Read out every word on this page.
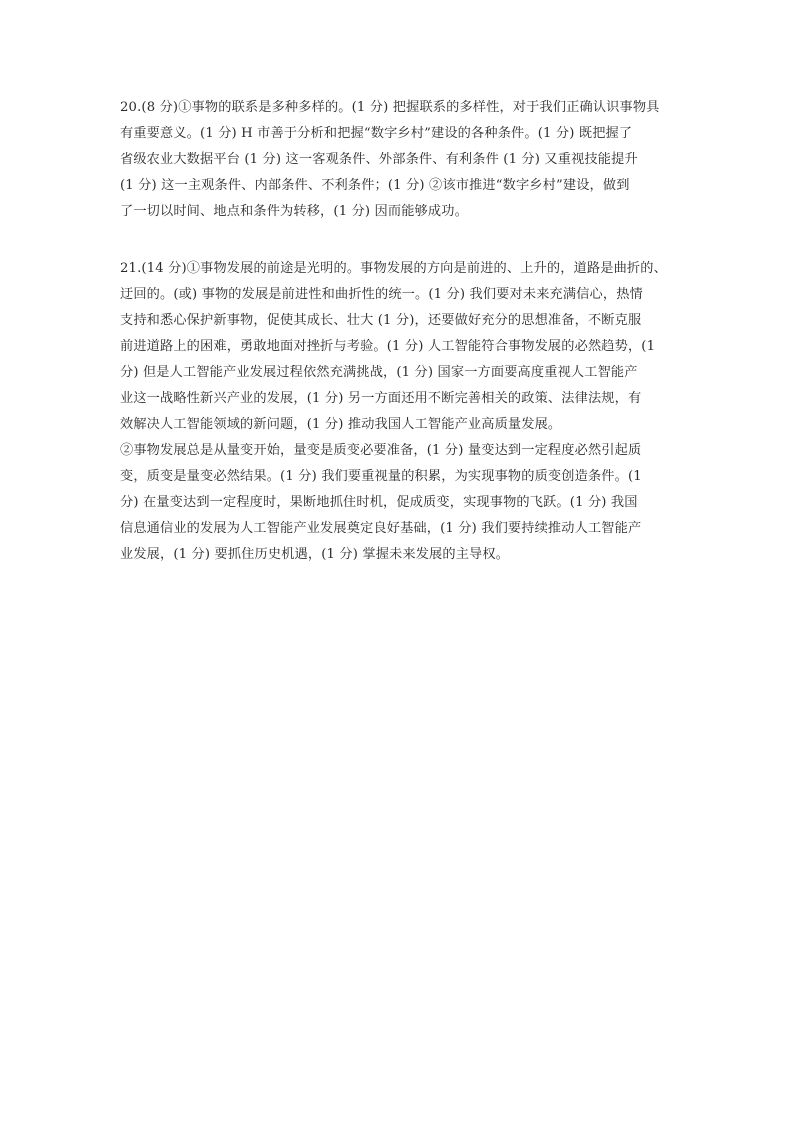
20.(8 分)①事物的联系是多种多样的。(1 分) 把握联系的多样性，对于我们正确认识事物具
有重要意义。(1 分) H 市善于分析和把握“数字乡村”建设的各种条件。(1 分) 既把握了
省级农业大数据平台 (1 分) 这一客观条件、外部条件、有利条件 (1 分) 又重视技能提升
(1 分) 这一主观条件、内部条件、不利条件；(1 分) ②该市推进“数字乡村”建设，做到
了一切以时间、地点和条件为转移，(1 分) 因而能够成功。
21.(14 分)①事物发展的前途是光明的。事物发展的方向是前进的、上升的，道路是曲折的、
迂回的。(或) 事物的发展是前进性和曲折性的统一。(1 分) 我们要对未来充满信心，热情
支持和悉心保护新事物，促使其成长、壮大 (1 分)，还要做好充分的思想准备，不断克服
前进道路上的困难，勇敢地面对挫折与考验。(1 分) 人工智能符合事物发展的必然趋势，(1
分) 但是人工智能产业发展过程依然充满挑战，(1 分) 国家一方面要高度重视人工智能产
业这一战略性新兴产业的发展，(1 分) 另一方面还用不断完善相关的政策、法律法规，有
效解决人工智能领域的新问题，(1 分) 推动我国人工智能产业高质量发展。
②事物发展总是从量变开始，量变是质变必要准备，(1 分) 量变达到一定程度必然引起质
变，质变是量变必然结果。(1 分) 我们要重视量的积累，为实现事物的质变创造条件。(1
分) 在量变达到一定程度时，果断地抓住时机，促成质变，实现事物的飞跃。(1 分) 我国
信息通信业的发展为人工智能产业发展奠定良好基础，(1 分) 我们要持续推动人工智能产
业发展，(1 分) 要抓住历史机遇，(1 分) 掌握未来发展的主导权。
